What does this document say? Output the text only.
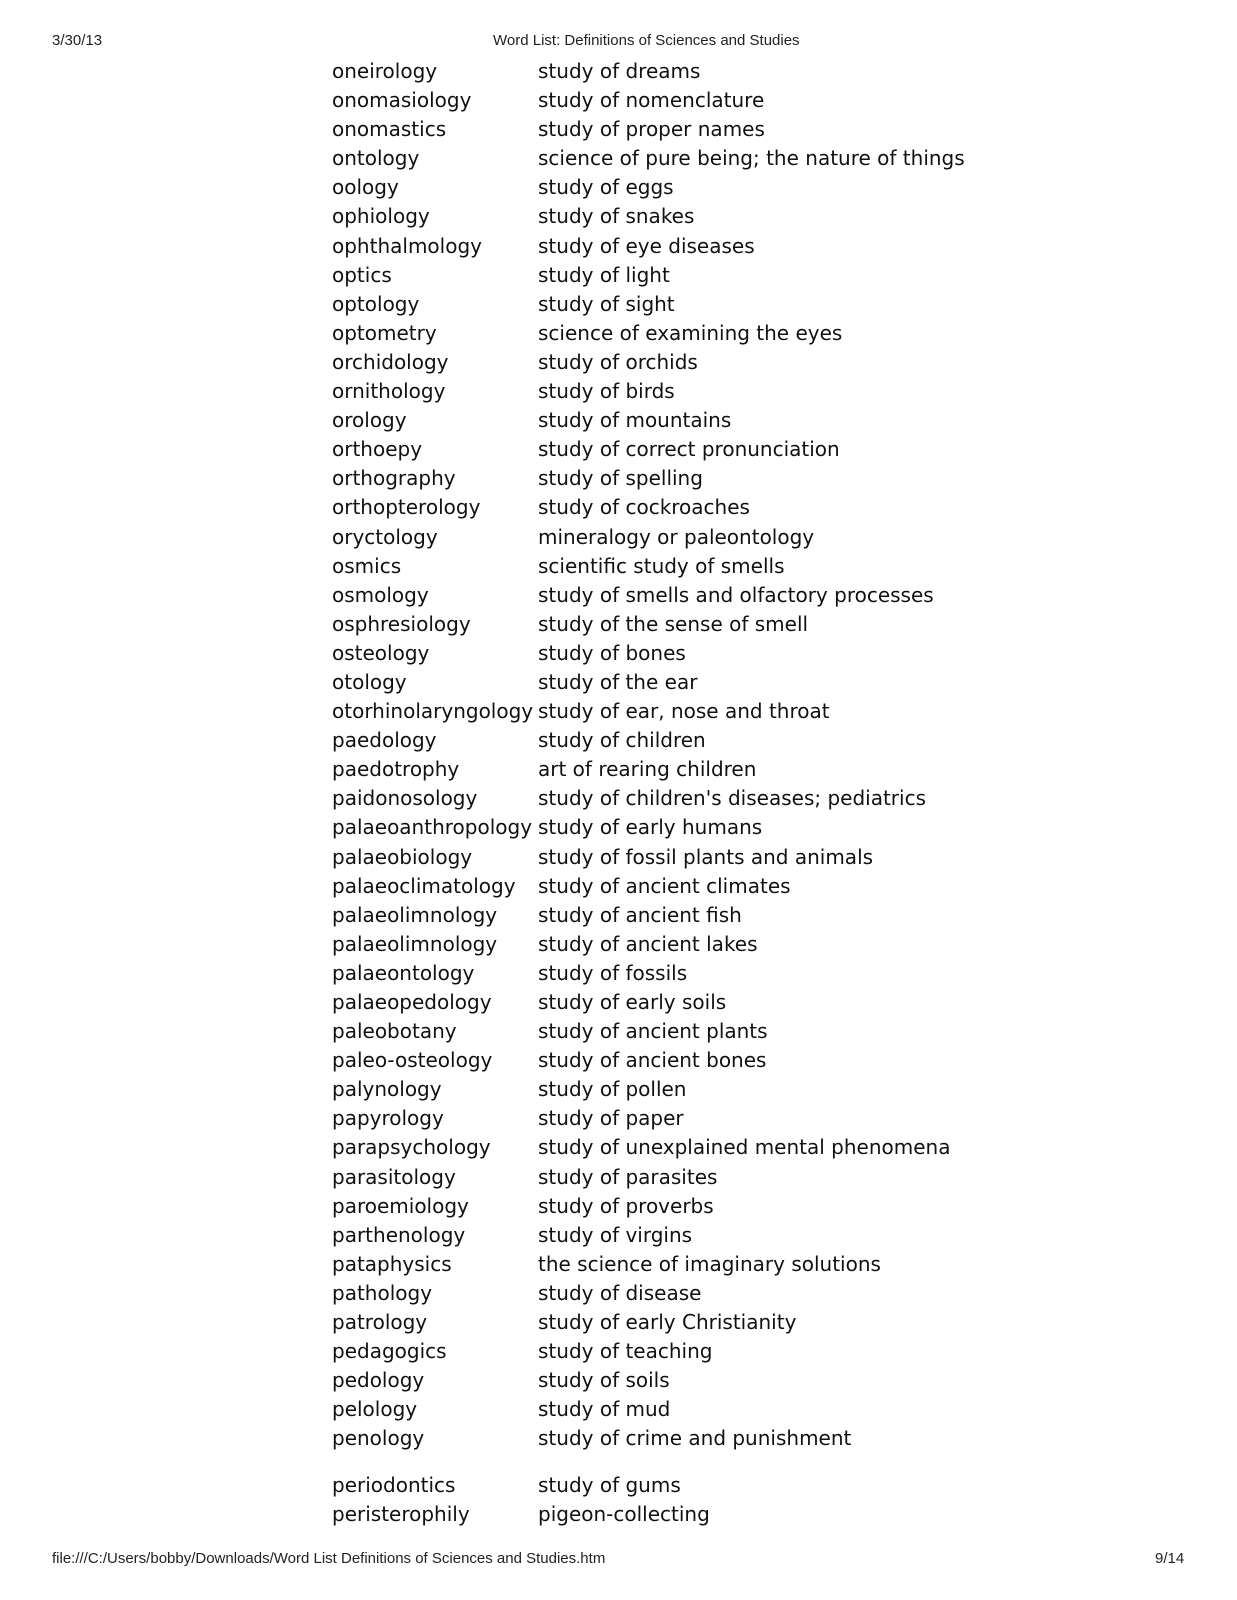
3/30/13	Word List: Definitions of Sciences and Studies
oneirology	study of dreams
onomasiology	study of nomenclature
onomastics	study of proper names
ontology	science of pure being; the nature of things
oology	study of eggs
ophiology	study of snakes
ophthalmology	study of eye diseases
optics	study of light
optology	study of sight
optometry	science of examining the eyes
orchidology	study of orchids
ornithology	study of birds
orology	study of mountains
orthoepy	study of correct pronunciation
orthography	study of spelling
orthopterology	study of cockroaches
oryctology	mineralogy or paleontology
osmics	scientific study of smells
osmology	study of smells and olfactory processes
osphresiology	study of the sense of smell
osteology	study of bones
otology	study of the ear
otorhinolaryngology study of ear, nose and throat
paedology	study of children
paedotrophy	art of rearing children
paidonosology	study of children's diseases; pediatrics
palaeoanthropology study of early humans
palaeobiology	study of fossil plants and animals
palaeoclimatology study of ancient climates
palaeolimnology study of ancient fish
palaeolimnology study of ancient lakes
palaeontology	study of fossils
palaeopedology study of early soils
paleobotany	study of ancient plants
paleo-osteology study of ancient bones
palynology	study of pollen
papyrology	study of paper
parapsychology study of unexplained mental phenomena
parasitology	study of parasites
paroemiology	study of proverbs
parthenology	study of virgins
pataphysics	the science of imaginary solutions
pathology	study of disease
patrology	study of early Christianity
pedagogics	study of teaching
pedology	study of soils
pelology	study of mud
penology	study of crime and punishment
periodontics	study of gums
peristerophily	pigeon-collecting
file:///C:/Users/bobby/Downloads/Word List Definitions of Sciences and Studies.htm	9/14
